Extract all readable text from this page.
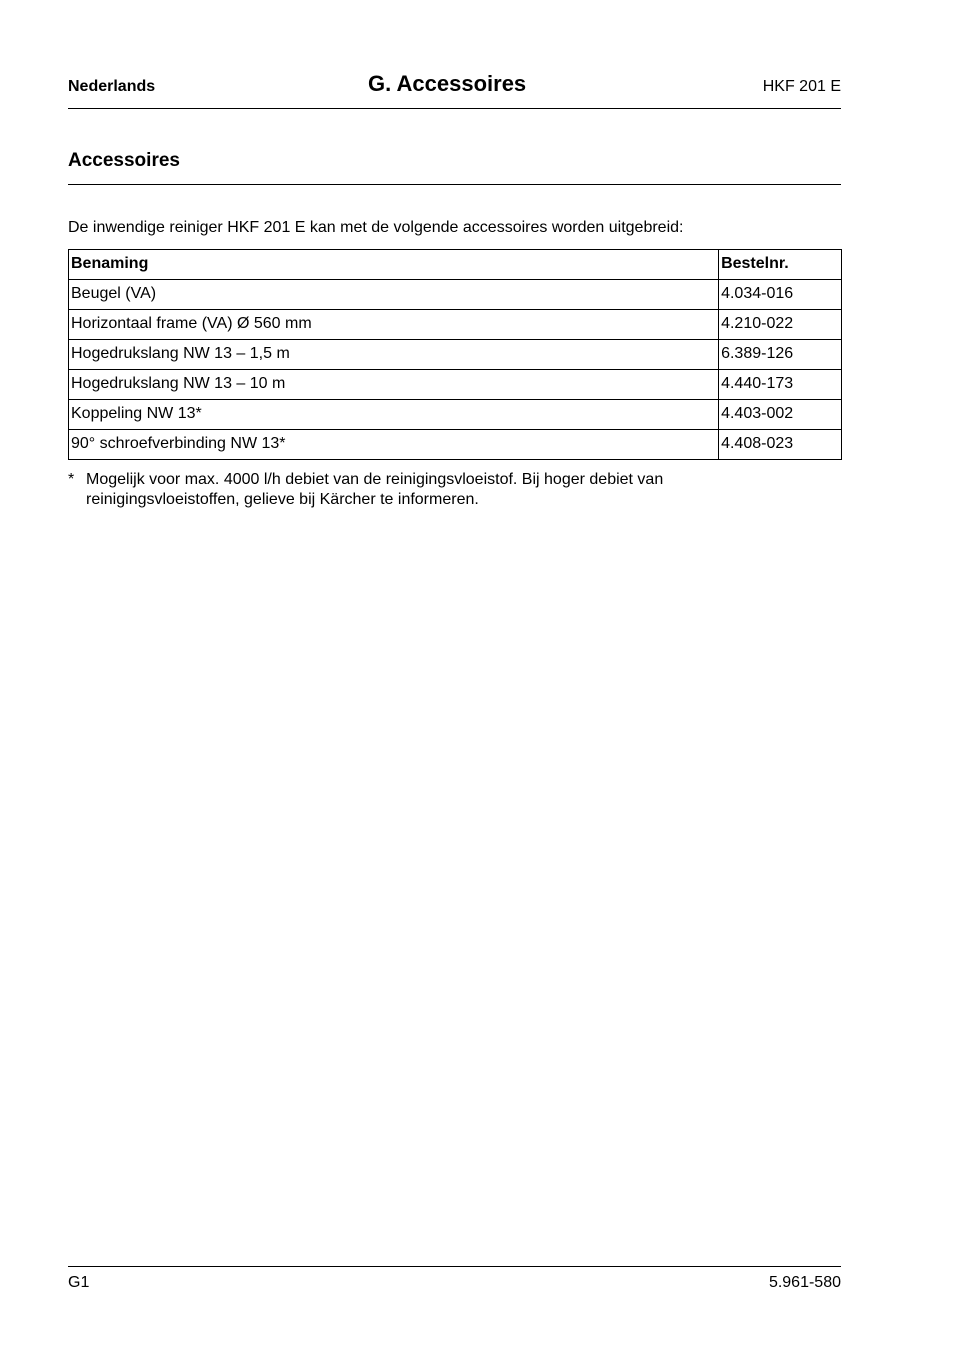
Nederlands	G. Accessoires	HKF 201 E
Accessoires
De inwendige reiniger HKF 201 E kan met de volgende accessoires worden uitgebreid:
Benaming	Bestelnr.
Beugel (VA)	4.034-016
Horizontaal frame (VA) Ø 560 mm	4.210-022
Hogedrukslang NW 13 – 1,5 m	6.389-126
Hogedrukslang NW 13 – 10 m	4.440-173
Koppeling NW 13*	4.403-002
90° schroefverbinding NW 13*	4.408-023
* Mogelijk voor max. 4000 l/h debiet van de reinigingsvloeistof. Bij hoger debiet van reinigingsvloeistoffen, gelieve bij Kärcher te informeren.
G1	5.961-580
